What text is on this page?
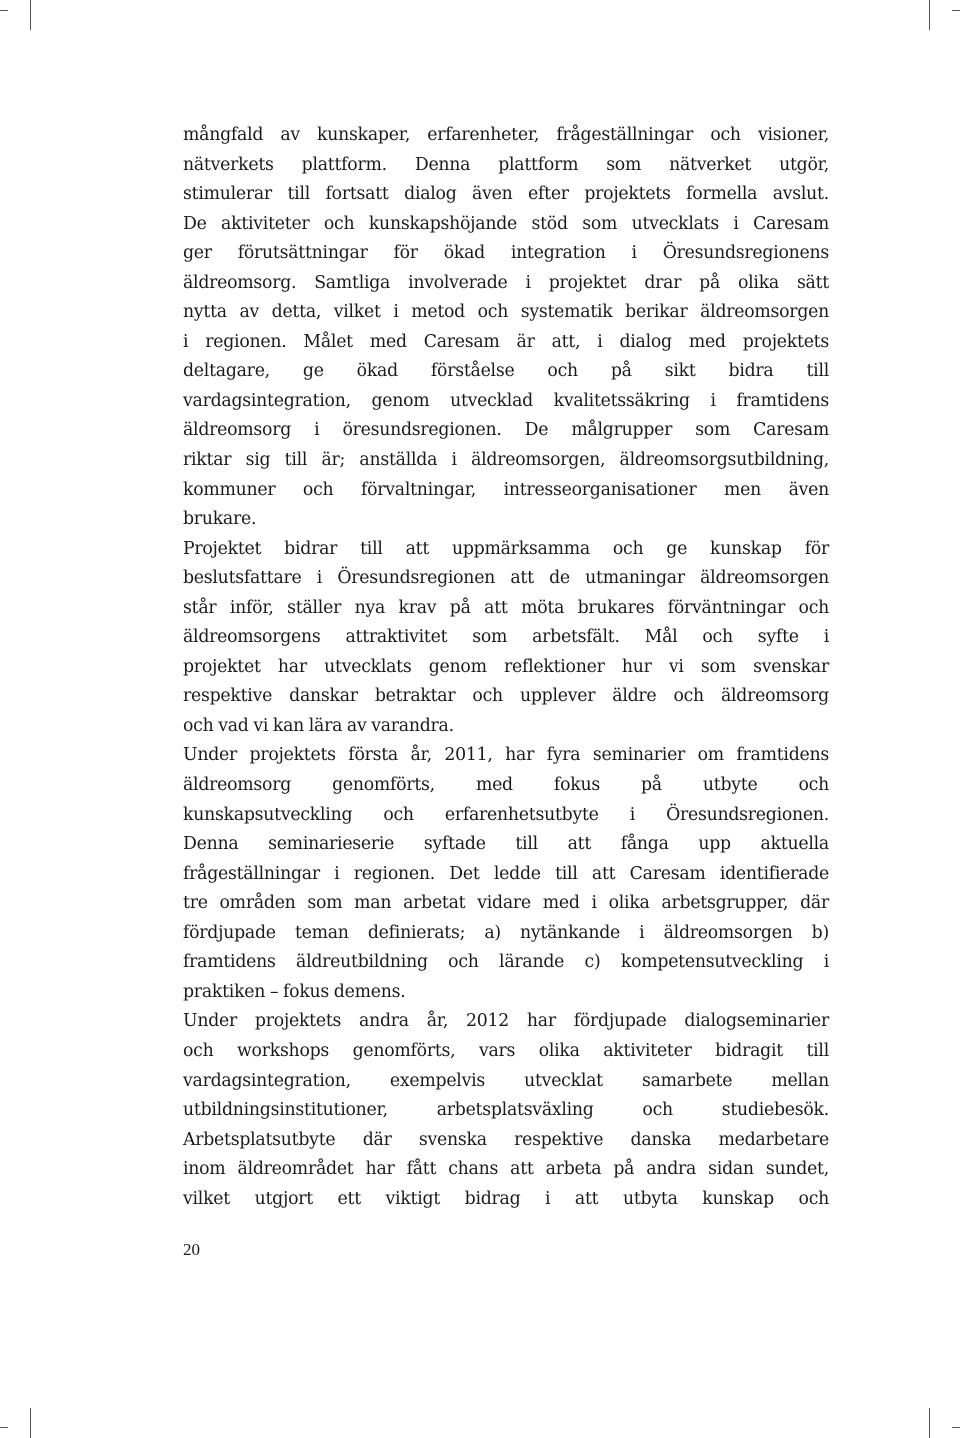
mångfald av kunskaper, erfarenheter, frågeställningar och visioner,
nätverkets plattform. Denna plattform som nätverket utgör,
stimulerar till fortsatt dialog även efter projektets formella avslut.
De aktiviteter och kunskapshöjande stöd som utvecklats i Caresam
ger förutsättningar för ökad integration i Öresundsregionens
äldreomsorg. Samtliga involverade i projektet drar på olika sätt
nytta av detta, vilket i metod och systematik berikar äldreomsorgen
i regionen. Målet med Caresam är att, i dialog med projektets
deltagare, ge ökad förståelse och på sikt bidra till
vardagsintegration, genom utvecklad kvalitetssäkring i framtidens
äldreomsorg i öresundsregionen. De målgrupper som Caresam
riktar sig till är; anställda i äldreomsorgen, äldreomsorgsutbildning,
kommuner och förvaltningar, intresseorganisationer men även
brukare.
Projektet bidrar till att uppmärksamma och ge kunskap för
beslutsfattare i Öresundsregionen att de utmaningar äldreomsorgen
står inför, ställer nya krav på att möta brukares förväntningar och
äldreomsorgens attraktivitet som arbetsfält. Mål och syfte i
projektet har utvecklats genom reflektioner hur vi som svenskar
respektive danskar betraktar och upplever äldre och äldreomsorg
och vad vi kan lära av varandra.
Under projektets första år, 2011, har fyra seminarier om framtidens
äldreomsorg genomförts, med fokus på utbyte och
kunskapsutveckling och erfarenhetsutbyte i Öresundsregionen.
Denna seminarieserie syftade till att fånga upp aktuella
frågeställningar i regionen. Det ledde till att Caresam identifierade
tre områden som man arbetat vidare med i olika arbetsgrupper, där
fördjupade teman definierats; a) nytänkande i äldreomsorgen b)
framtidens äldreutbildning och lärande c) kompetensutveckling i
praktiken – fokus demens.
Under projektets andra år, 2012 har fördjupade dialogseminarier
och workshops genomförts, vars olika aktiviteter bidragit till
vardagsintegration, exempelvis utvecklat samarbete mellan
utbildningsinstitutioner, arbetsplatsväxling och studiebesök.
Arbetsplatsutbyte där svenska respektive danska medarbetare
inom äldreområdet har fått chans att arbeta på andra sidan sundet,
vilket utgjort ett viktigt bidrag i att utbyta kunskap och
20
